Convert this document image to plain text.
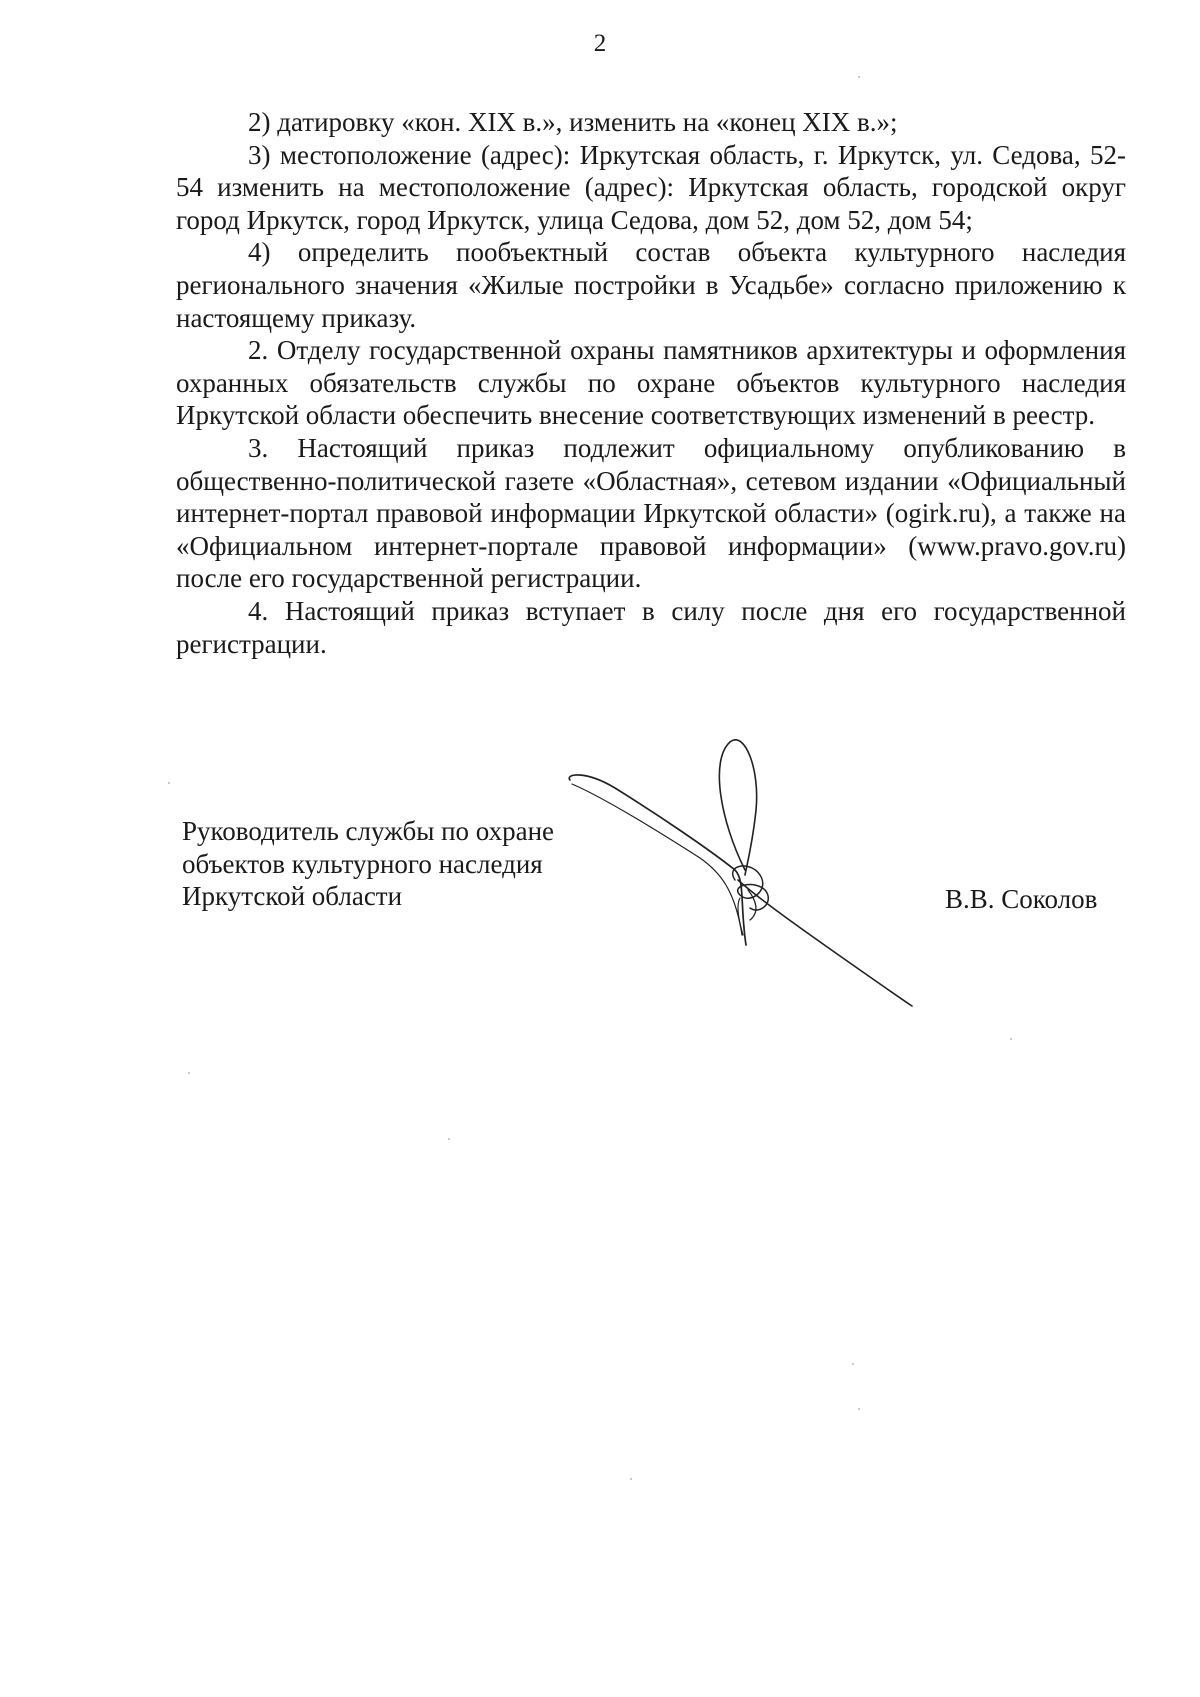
2

2) датировку «кон. XIX в.», изменить на «конец XIX в.»;

3) местоположение (адрес): Иркутская область, г. Иркутск, ул. Седова, 52-54 изменить на местоположение (адрес): Иркутская область, городской округ город Иркутск, город Иркутск, улица Седова, дом 52, дом 52, дом 54;

4) определить пообъектный состав объекта культурного наследия регионального значения «Жилые постройки в Усадьбе» согласно приложению к настоящему приказу.

2. Отделу государственной охраны памятников архитектуры и оформления охранных обязательств службы по охране объектов культурного наследия Иркутской области обеспечить внесение соответствующих изменений в реестр.

3. Настоящий приказ подлежит официальному опубликованию в общественно-политической газете «Областная», сетевом издании «Официальный интернет-портал правовой информации Иркутской области» (ogirk.ru), а также на «Официальном интернет-портале правовой информации» (www.pravo.gov.ru) после его государственной регистрации.

4. Настоящий приказ вступает в силу после дня его государственной регистрации.

Руководитель службы по охране
объектов культурного наследия
Иркутской области	В.В. Соколов
